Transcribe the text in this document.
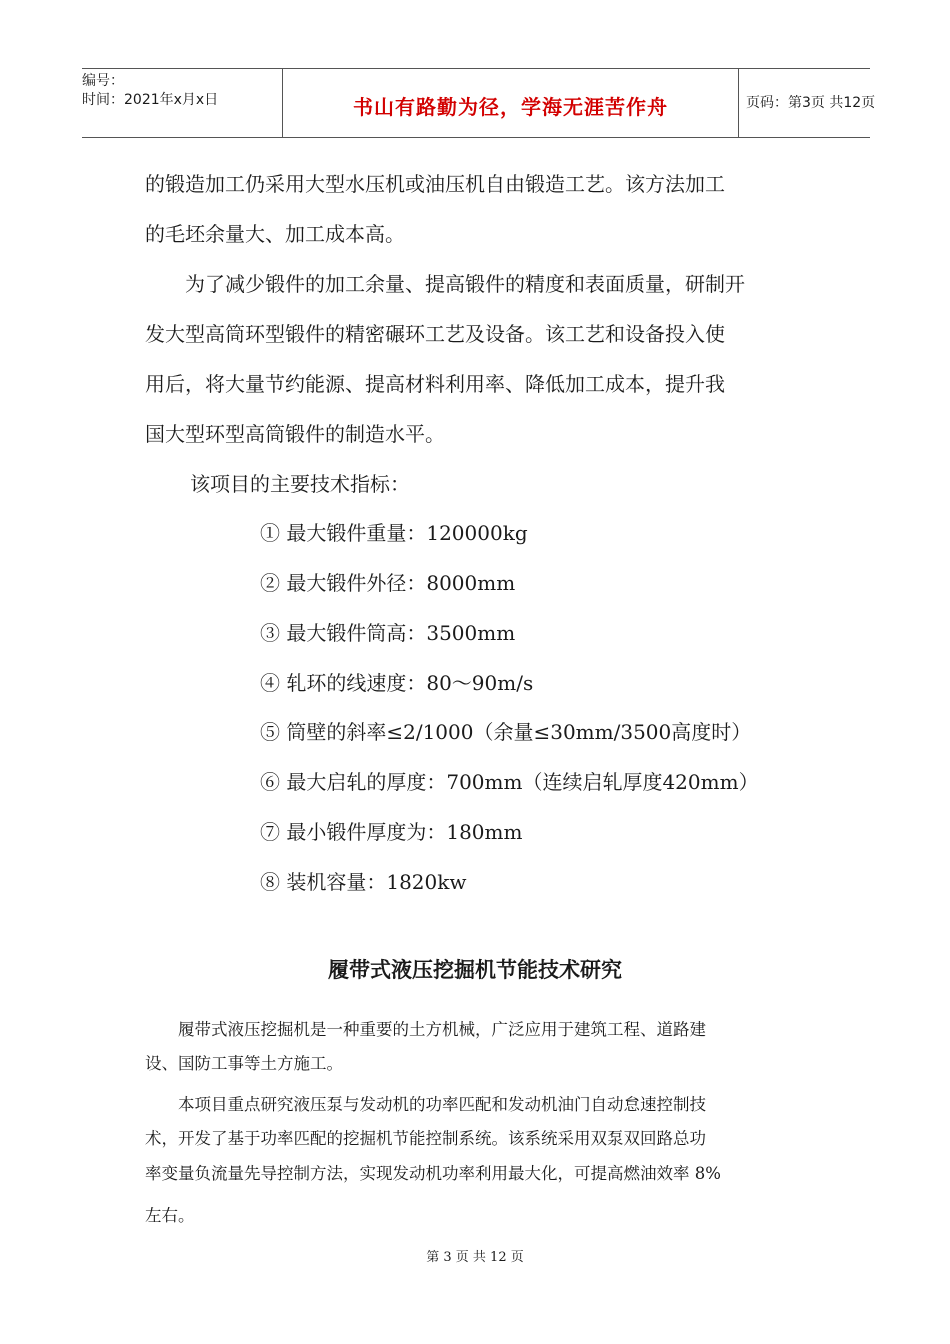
编号：
时间：2021年x月x日	书山有路勤为径，学海无涯苦作舟	页码：第3页 共12页
的锻造加工仍采用大型水压机或油压机自由锻造工艺。该方法加工
的毛坯余量大、加工成本高。
为了减少锻件的加工余量、提高锻件的精度和表面质量，研制开
发大型高筒环型锻件的精密碾环工艺及设备。该工艺和设备投入使
用后，将大量节约能源、提高材料利用率、降低加工成本，提升我
国大型环型高筒锻件的制造水平。
该项目的主要技术指标：
① 最大锻件重量：120000kg
② 最大锻件外径：8000mm
③ 最大锻件筒高：3500mm
④ 轧环的线速度：80～90m/s
⑤ 筒壁的斜率≤2/1000（余量≤30mm/3500高度时）
⑥ 最大启轧的厚度：700mm（连续启轧厚度420mm）
⑦ 最小锻件厚度为：180mm
⑧ 装机容量：1820kw
履带式液压挖掘机节能技术研究
履带式液压挖掘机是一种重要的土方机械，广泛应用于建筑工程、道路建
设、国防工事等土方施工。
本项目重点研究液压泵与发动机的功率匹配和发动机油门自动怠速控制技
术，开发了基于功率匹配的挖掘机节能控制系统。该系统采用双泵双回路总功
率变量负流量先导控制方法，实现发动机功率利用最大化，可提高燃油效率 8%
左右。
第 3 页 共 12 页
